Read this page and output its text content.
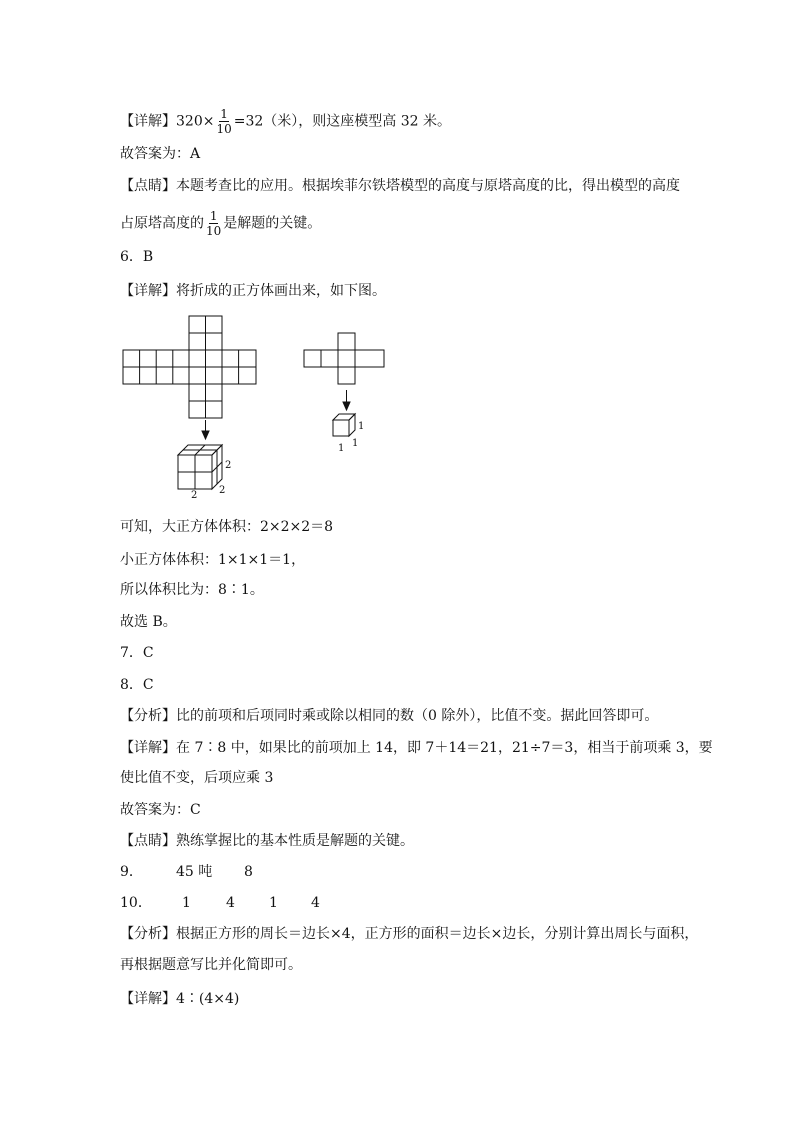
【详解】$320\times \frac{1}{10} =32$（米），则这座模型高 32 米。
故答案为：A
【点睛】本题考查比的应用。根据埃菲尔铁塔模型的高度与原塔高度的比，得出模型的高度
占原塔高度的 $\frac{1}{10}$ 是解题的关键。
6．B
【详解】将折成的正方体画出来，如下图。
2
2
2
1
1
1
可知，大正方体体积：2×2×2＝8
小正方体体积：1×1×1＝1，
所以体积比为：8∶1。
故选 B。
7．C
8．C
【分析】比的前项和后项同时乘或除以相同的数（0 除外），比值不变。据此回答即可。
【详解】在 7∶8 中，如果比的前项加上 14，即 7＋14＝21，21÷7＝3，相当于前项乘 3，要
使比值不变，后项应乘 3
故答案为：C
【点睛】熟练掌握比的基本性质是解题的关键。
9． 45 吨 8
10． 1	4 1 4
【分析】根据正方形的周长＝边长×4，正方形的面积＝边长×边长，分别计算出周长与面积，
再根据题意写比并化简即可。
【详解】4∶(4×4)
